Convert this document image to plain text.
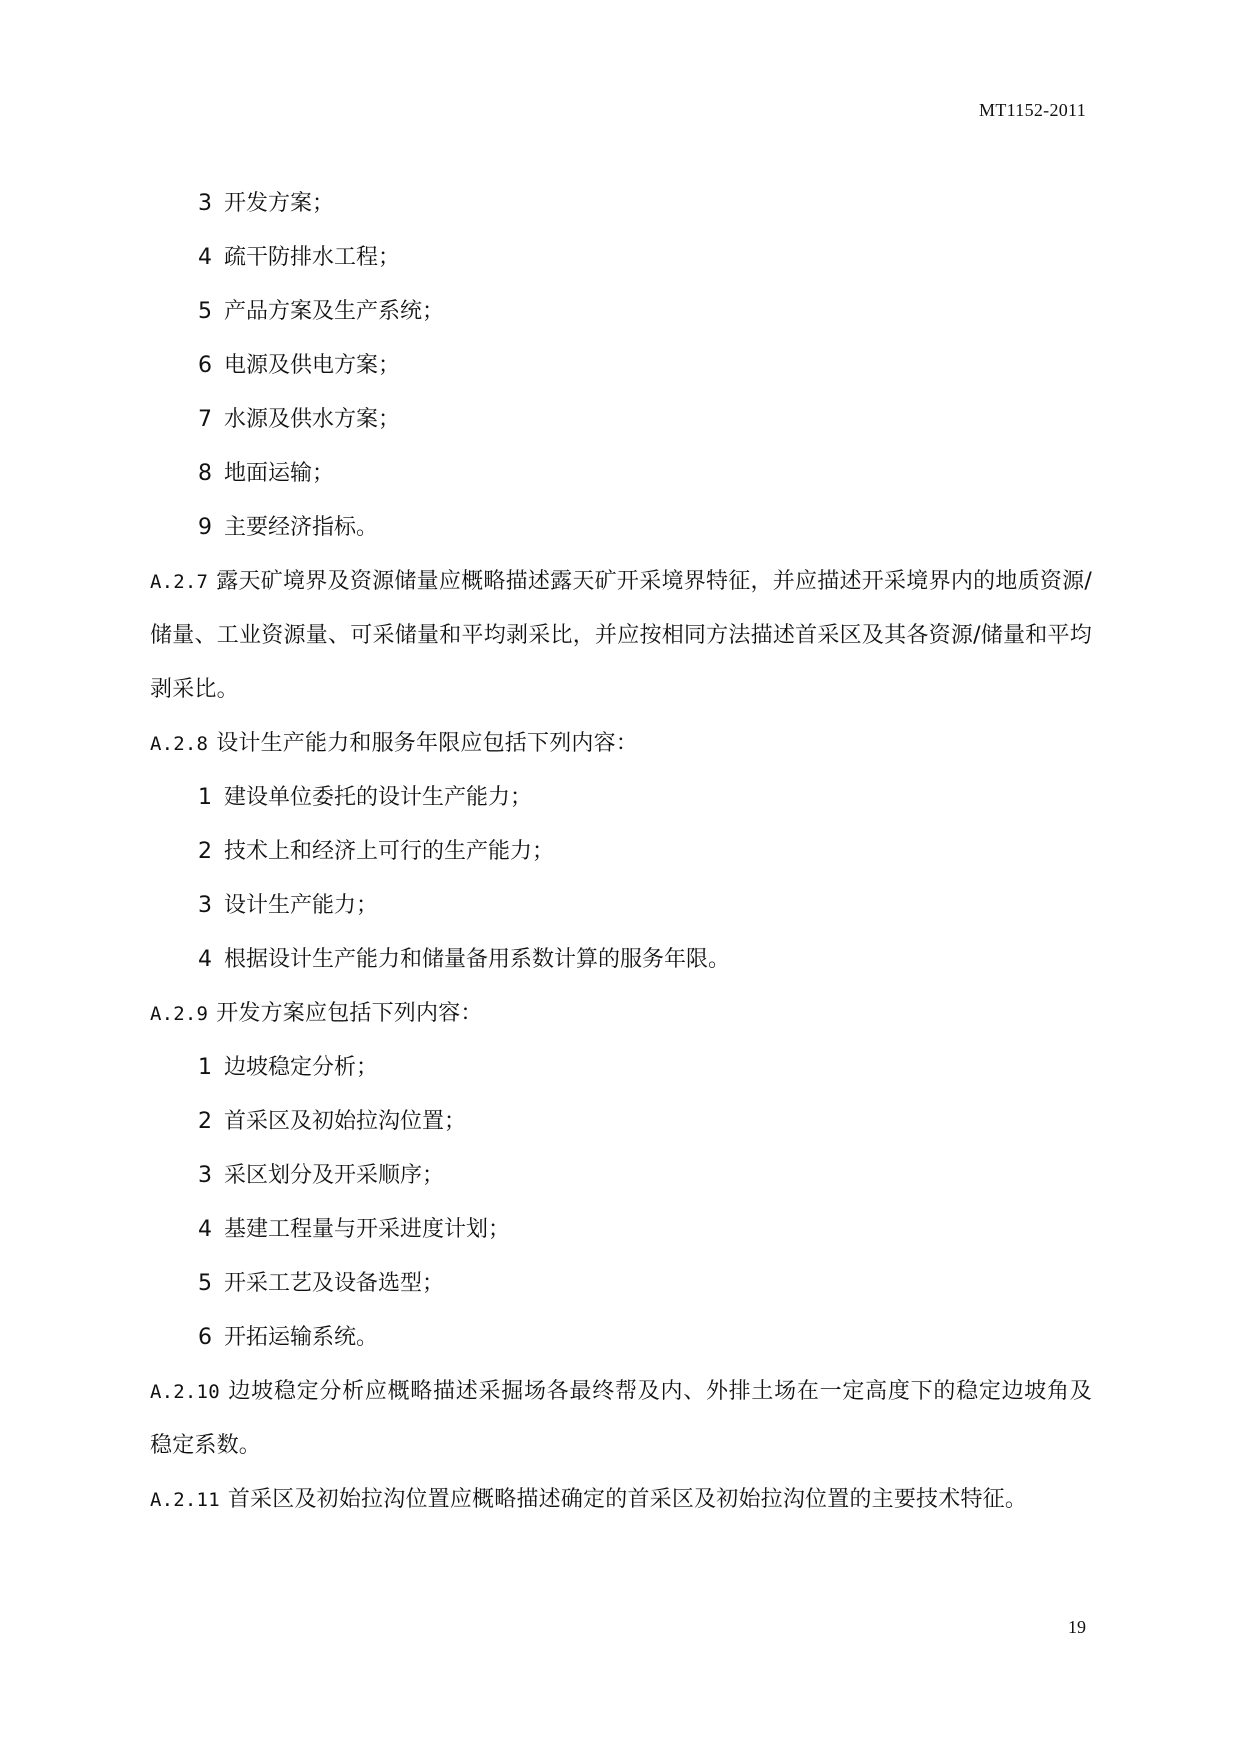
MT1152-2011
3 开发方案；
4 疏干防排水工程；
5 产品方案及生产系统；
6 电源及供电方案；
7 水源及供水方案；
8 地面运输；
9 主要经济指标。
A.2.7 露天矿境界及资源储量应概略描述露天矿开采境界特征，并应描述开采境界内的地质资源/储量、工业资源量、可采储量和平均剥采比，并应按相同方法描述首采区及其各资源/储量和平均剥采比。
A.2.8 设计生产能力和服务年限应包括下列内容：
1 建设单位委托的设计生产能力；
2 技术上和经济上可行的生产能力；
3 设计生产能力；
4 根据设计生产能力和储量备用系数计算的服务年限。
A.2.9 开发方案应包括下列内容：
1 边坡稳定分析；
2 首采区及初始拉沟位置；
3 采区划分及开采顺序；
4 基建工程量与开采进度计划；
5 开采工艺及设备选型；
6 开拓运输系统。
A.2.10 边坡稳定分析应概略描述采掘场各最终帮及内、外排土场在一定高度下的稳定边坡角及稳定系数。
A.2.11 首采区及初始拉沟位置应概略描述确定的首采区及初始拉沟位置的主要技术特征。
19
